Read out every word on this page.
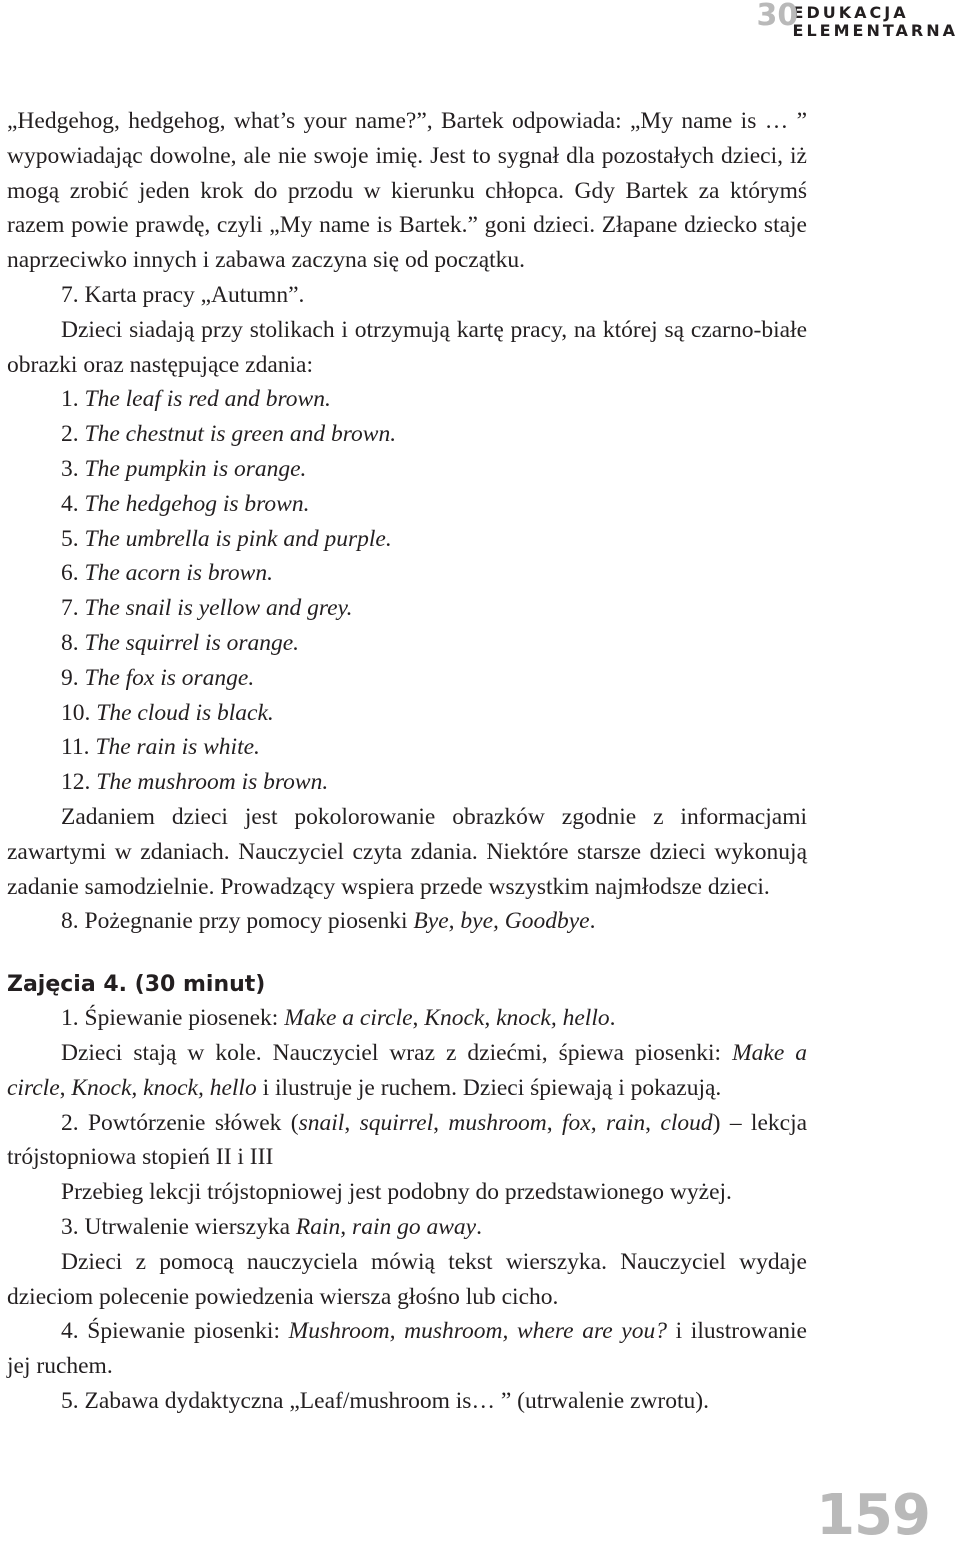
30
EDUKACJA
ELEMENTARNA

„Hedgehog, hedgehog, what’s your name?”, Bartek odpowiada: „My name is … ” wypowiadając dowolne, ale nie swoje imię. Jest to sygnał dla pozostałych dzieci, iż mogą zrobić jeden krok do przodu w kierunku chłopca. Gdy Bartek za którymś razem powie prawdę, czyli „My name is Bartek.” goni dzieci. Złapane dziecko staje naprzeciwko innych i zabawa zaczyna się od początku.

7. Karta pracy „Autumn”.

Dzieci siadają przy stolikach i otrzymują kartę pracy, na której są czarno-białe obrazki oraz następujące zdania:

1. The leaf is red and brown.

2. The chestnut is green and brown.

3. The pumpkin is orange.

4. The hedgehog is brown.

5. The umbrella is pink and purple.

6. The acorn is brown.

7. The snail is yellow and grey.

8. The squirrel is orange.

9. The fox is orange.

10. The cloud is black.

11. The rain is white.

12. The mushroom is brown.

Zadaniem dzieci jest pokolorowanie obrazków zgodnie z informacjami zawartymi w zdaniach. Nauczyciel czyta zdania. Niektóre starsze dzieci wykonują zadanie samodzielnie. Prowadzący wspiera przede wszystkim najmłodsze dzieci.

8. Pożegnanie przy pomocy piosenki Bye, bye, Goodbye.

Zajęcia 4. (30 minut)

1. Śpiewanie piosenek: Make a circle, Knock, knock, hello.

Dzieci stają w kole. Nauczyciel wraz z dziećmi, śpiewa piosenki: Make a circle, Knock, knock, hello i ilustruje je ruchem. Dzieci śpiewają i pokazują.

2. Powtórzenie słówek (snail, squirrel, mushroom, fox, rain, cloud) – lekcja trójstopniowa stopień II i III

Przebieg lekcji trójstopniowej jest podobny do przedstawionego wyżej.

3. Utrwalenie wierszyka Rain, rain go away.

Dzieci z pomocą nauczyciela mówią tekst wierszyka. Nauczyciel wydaje dzieciom polecenie powiedzenia wiersza głośno lub cicho.

4. Śpiewanie piosenki: Mushroom, mushroom, where are you? i ilustrowanie jej ruchem.

5. Zabawa dydaktyczna „Leaf/mushroom is… ” (utrwalenie zwrotu).

159
